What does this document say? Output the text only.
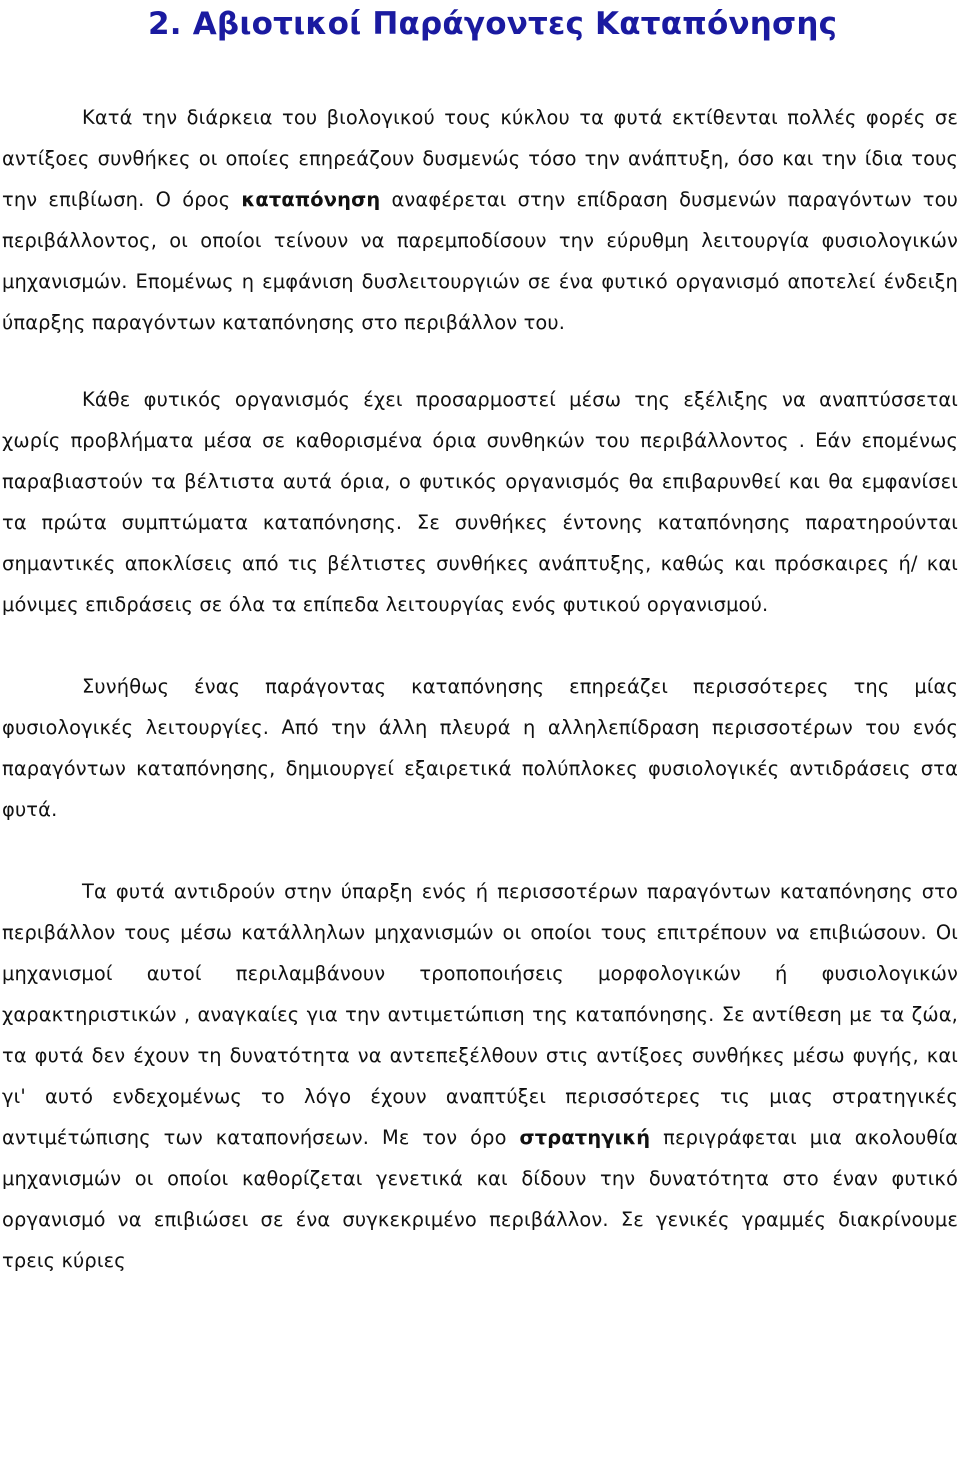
2. Αβιοτικοί Παράγοντες Καταπόνησης

Κατά την διάρκεια του βιολογικού τους κύκλου τα φυτά εκτίθενται πολλές φορές σε αντίξοες συνθήκες οι οποίες επηρεάζουν δυσμενώς τόσο την ανάπτυξη, όσο και την ίδια τους την επιβίωση. Ο όρος καταπόνηση αναφέρεται στην επίδραση δυσμενών παραγόντων του περιβάλλοντος, οι οποίοι τείνουν να παρεμποδίσουν την εύρυθμη λειτουργία φυσιολογικών μηχανισμών. Επομένως η εμφάνιση δυσλειτουργιών σε ένα φυτικό οργανισμό αποτελεί ένδειξη ύπαρξης παραγόντων καταπόνησης στο περιβάλλον του.

Κάθε φυτικός οργανισμός έχει προσαρμοστεί μέσω της εξέλιξης να αναπτύσσεται χωρίς προβλήματα μέσα σε καθορισμένα όρια συνθηκών του περιβάλλοντος . Εάν επομένως παραβιαστούν τα βέλτιστα αυτά όρια, ο φυτικός οργανισμός θα επιβαρυνθεί και θα εμφανίσει τα πρώτα συμπτώματα καταπόνησης. Σε συνθήκες έντονης καταπόνησης παρατηρούνται σημαντικές αποκλίσεις από τις βέλτιστες συνθήκες ανάπτυξης, καθώς και πρόσκαιρες ή/ και μόνιμες επιδράσεις σε όλα τα επίπεδα λειτουργίας ενός φυτικού οργανισμού.

Συνήθως ένας παράγοντας καταπόνησης επηρεάζει περισσότερες της μίας φυσιολογικές λειτουργίες. Από την άλλη πλευρά η αλληλεπίδραση περισσοτέρων του ενός παραγόντων καταπόνησης, δημιουργεί εξαιρετικά πολύπλοκες φυσιολογικές αντιδράσεις στα φυτά.

Τα φυτά αντιδρούν στην ύπαρξη ενός ή περισσοτέρων παραγόντων καταπόνησης στο περιβάλλον τους μέσω κατάλληλων μηχανισμών οι οποίοι τους επιτρέπουν να επιβιώσουν. Οι μηχανισμοί αυτοί περιλαμβάνουν τροποποιήσεις μορφολογικών ή φυσιολογικών χαρακτηριστικών , αναγκαίες για την αντιμετώπιση της καταπόνησης. Σε αντίθεση με τα ζώα, τα φυτά δεν έχουν τη δυνατότητα να αντεπεξέλθουν στις αντίξοες συνθήκες μέσω φυγής, και γι' αυτό ενδεχομένως το λόγο έχουν αναπτύξει περισσότερες τις μιας στρατηγικές αντιμέτώπισης των καταπονήσεων. Με τον όρο στρατηγική περιγράφεται μια ακολουθία μηχανισμών οι οποίοι καθορίζεται γενετικά και δίδουν την δυνατότητα στο έναν φυτικό οργανισμό να επιβιώσει σε ένα συγκεκριμένο περιβάλλον. Σε γενικές γραμμές διακρίνουμε τρεις κύριες
